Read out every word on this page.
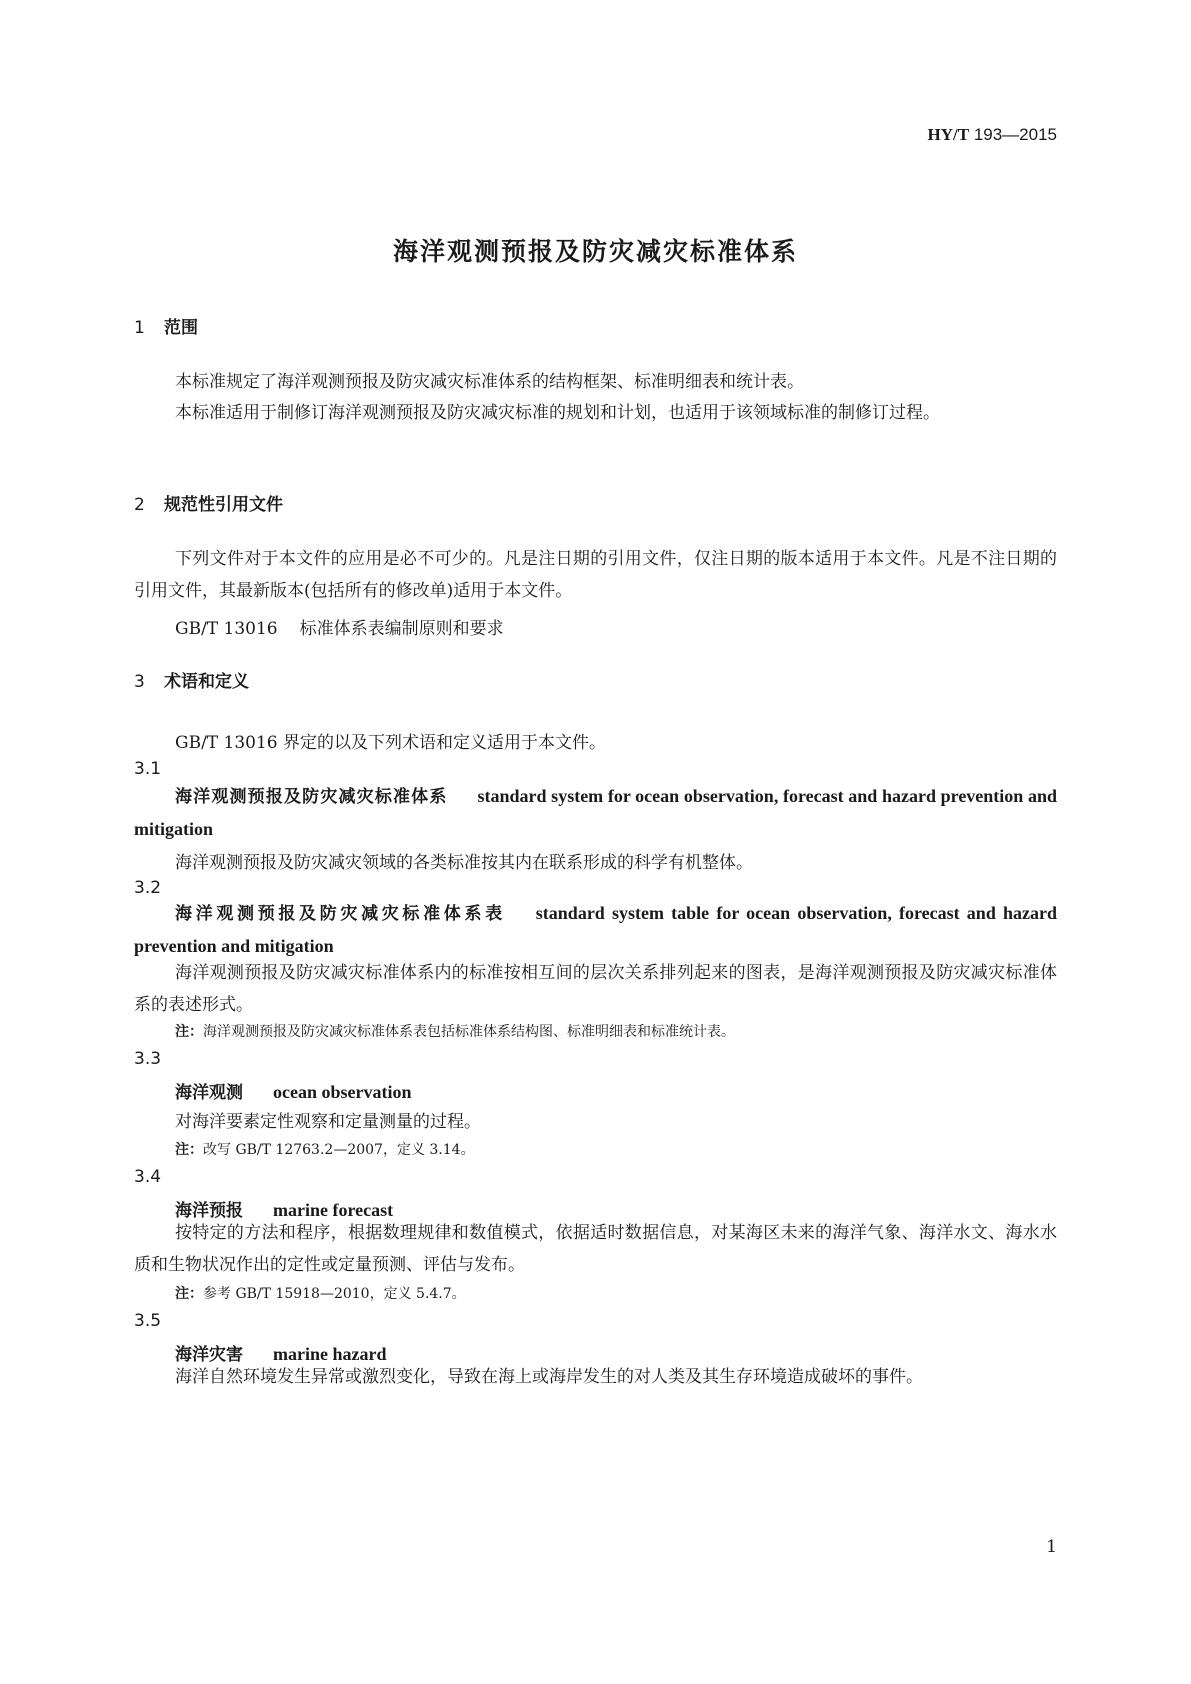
HY/T 193—2015
海洋观测预报及防灾减灾标准体系
1 范围
本标准规定了海洋观测预报及防灾减灾标准体系的结构框架、标准明细表和统计表。
本标准适用于制修订海洋观测预报及防灾减灾标准的规划和计划，也适用于该领域标准的制修订过程。
2 规范性引用文件
下列文件对于本文件的应用是必不可少的。凡是注日期的引用文件，仅注日期的版本适用于本文件。凡是不注日期的引用文件，其最新版本(包括所有的修改单)适用于本文件。
GB/T 13016 标准体系表编制原则和要求
3 术语和定义
GB/T 13016 界定的以及下列术语和定义适用于本文件。
3.1
海洋观测预报及防灾减灾标准体系 standard system for ocean observation, forecast and hazard prevention and mitigation
海洋观测预报及防灾减灾领域的各类标准按其内在联系形成的科学有机整体。
3.2
海洋观测预报及防灾减灾标准体系表 standard system table for ocean observation, forecast and hazard prevention and mitigation
海洋观测预报及防灾减灾标准体系内的标准按相互间的层次关系排列起来的图表，是海洋观测预报及防灾减灾标准体系的表述形式。
注：海洋观测预报及防灾减灾标准体系表包括标准体系结构图、标准明细表和标准统计表。
3.3
海洋观测 ocean observation
对海洋要素定性观察和定量测量的过程。
注：改写 GB/T 12763.2—2007，定义 3.14。
3.4
海洋预报 marine forecast
按特定的方法和程序，根据数理规律和数值模式，依据适时数据信息，对某海区未来的海洋气象、海洋水文、海水水质和生物状况作出的定性或定量预测、评估与发布。
注：参考 GB/T 15918—2010，定义 5.4.7。
3.5
海洋灾害 marine hazard
海洋自然环境发生异常或激烈变化，导致在海上或海岸发生的对人类及其生存环境造成破坏的事件。
1
